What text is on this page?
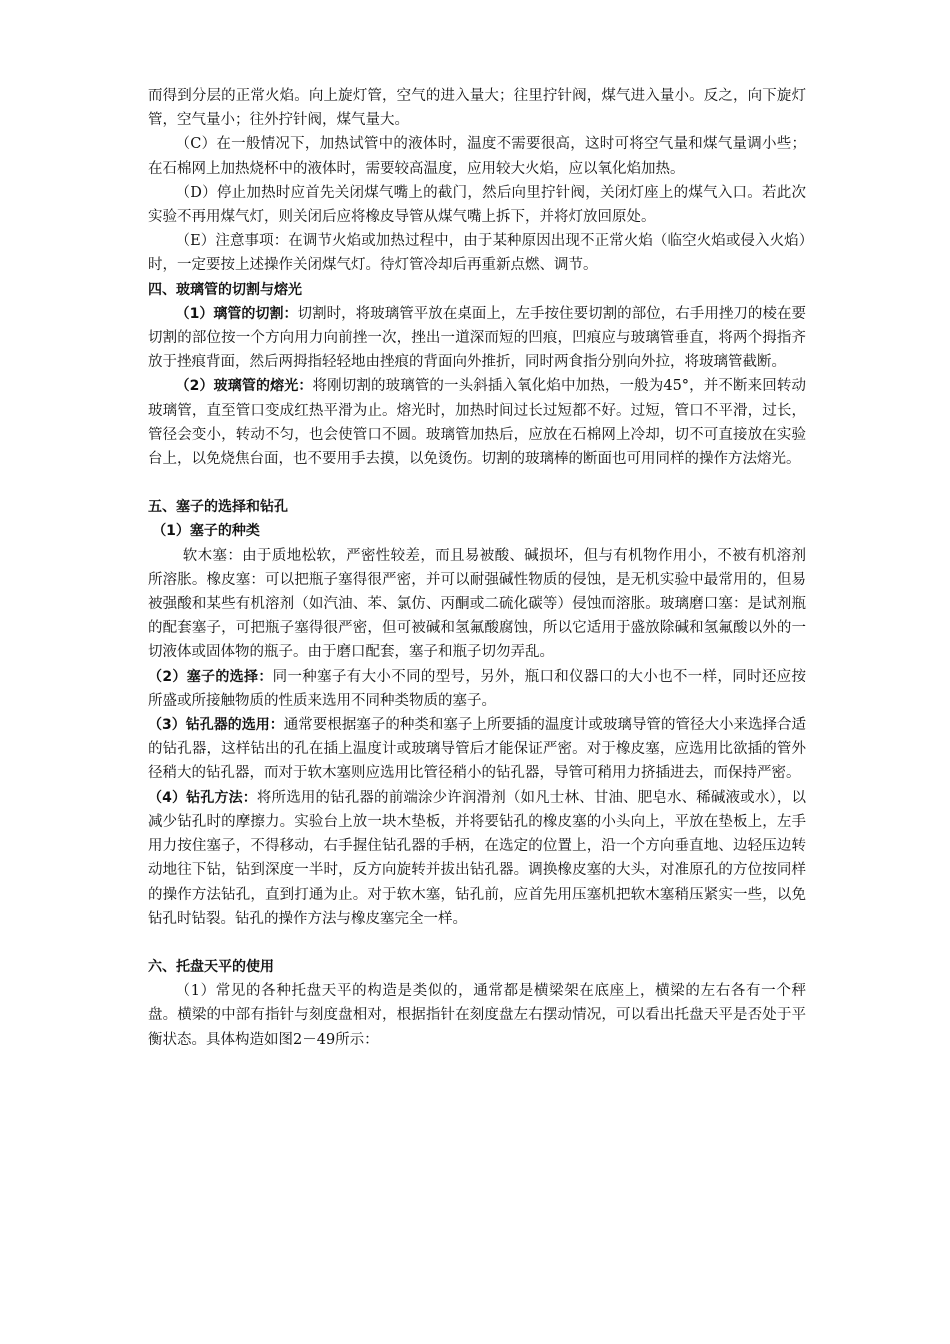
而得到分层的正常火焰。向上旋灯管，空气的进入量大；往里拧针阀，煤气进入量小。反之，向下旋灯管，空气量小；往外拧针阀，煤气量大。

（C）在一般情况下，加热试管中的液体时，温度不需要很高，这时可将空气量和煤气量调小些；在石棉网上加热烧杯中的液体时，需要较高温度，应用较大火焰，应以氧化焰加热。

（D）停止加热时应首先关闭煤气嘴上的截门，然后向里拧针阀，关闭灯座上的煤气入口。若此次实验不再用煤气灯，则关闭后应将橡皮导管从煤气嘴上拆下，并将灯放回原处。

（E）注意事项：在调节火焰或加热过程中，由于某种原因出现不正常火焰（临空火焰或侵入火焰）时，一定要按上述操作关闭煤气灯。待灯管冷却后再重新点燃、调节。

四、玻璃管的切割与熔光

（1）璃管的切割：切割时，将玻璃管平放在桌面上，左手按住要切割的部位，右手用挫刀的棱在要切割的部位按一个方向用力向前挫一次，挫出一道深而短的凹痕，凹痕应与玻璃管垂直，将两个拇指齐放于挫痕背面，然后两拇指轻轻地由挫痕的背面向外推折，同时两食指分别向外拉，将玻璃管截断。

（2）玻璃管的熔光：将刚切割的玻璃管的一头斜插入氧化焰中加热，一般为45°，并不断来回转动玻璃管，直至管口变成红热平滑为止。熔光时，加热时间过长过短都不好。过短，管口不平滑，过长，管径会变小，转动不匀，也会使管口不圆。玻璃管加热后，应放在石棉网上冷却，切不可直接放在实验台上，以免烧焦台面，也不要用手去摸，以免烫伤。切割的玻璃棒的断面也可用同样的操作方法熔光。

五、塞子的选择和钻孔

（1）塞子的种类

软木塞：由于质地松软，严密性较差，而且易被酸、碱损坏，但与有机物作用小，不被有机溶剂所溶胀。橡皮塞：可以把瓶子塞得很严密，并可以耐强碱性物质的侵蚀，是无机实验中最常用的，但易被强酸和某些有机溶剂（如汽油、苯、氯仿、丙酮或二硫化碳等）侵蚀而溶胀。玻璃磨口塞：是试剂瓶的配套塞子，可把瓶子塞得很严密，但可被碱和氢氟酸腐蚀，所以它适用于盛放除碱和氢氟酸以外的一切液体或固体物的瓶子。由于磨口配套，塞子和瓶子切勿弄乱。

（2）塞子的选择：同一种塞子有大小不同的型号，另外，瓶口和仪器口的大小也不一样，同时还应按所盛或所接触物质的性质来选用不同种类物质的塞子。

（3）钻孔器的选用：通常要根据塞子的种类和塞子上所要插的温度计或玻璃导管的管径大小来选择合适的钻孔器，这样钻出的孔在插上温度计或玻璃导管后才能保证严密。对于橡皮塞，应选用比欲插的管外径稍大的钻孔器，而对于软木塞则应选用比管径稍小的钻孔器，导管可稍用力挤插进去，而保持严密。

（4）钻孔方法：将所选用的钻孔器的前端涂少许润滑剂（如凡士林、甘油、肥皂水、稀碱液或水），以减少钻孔时的摩擦力。实验台上放一块木垫板，并将要钻孔的橡皮塞的小头向上，平放在垫板上，左手用力按住塞子，不得移动，右手握住钻孔器的手柄，在选定的位置上，沿一个方向垂直地、边轻压边转动地往下钻，钻到深度一半时，反方向旋转并拔出钻孔器。调换橡皮塞的大头，对准原孔的方位按同样的操作方法钻孔，直到打通为止。对于软木塞，钻孔前，应首先用压塞机把软木塞稍压紧实一些，以免钻孔时钻裂。钻孔的操作方法与橡皮塞完全一样。

六、托盘天平的使用

（1）常见的各种托盘天平的构造是类似的，通常都是横梁架在底座上，横梁的左右各有一个秤盘。横梁的中部有指针与刻度盘相对，根据指针在刻度盘左右摆动情况，可以看出托盘天平是否处于平衡状态。具体构造如图2－49所示：
